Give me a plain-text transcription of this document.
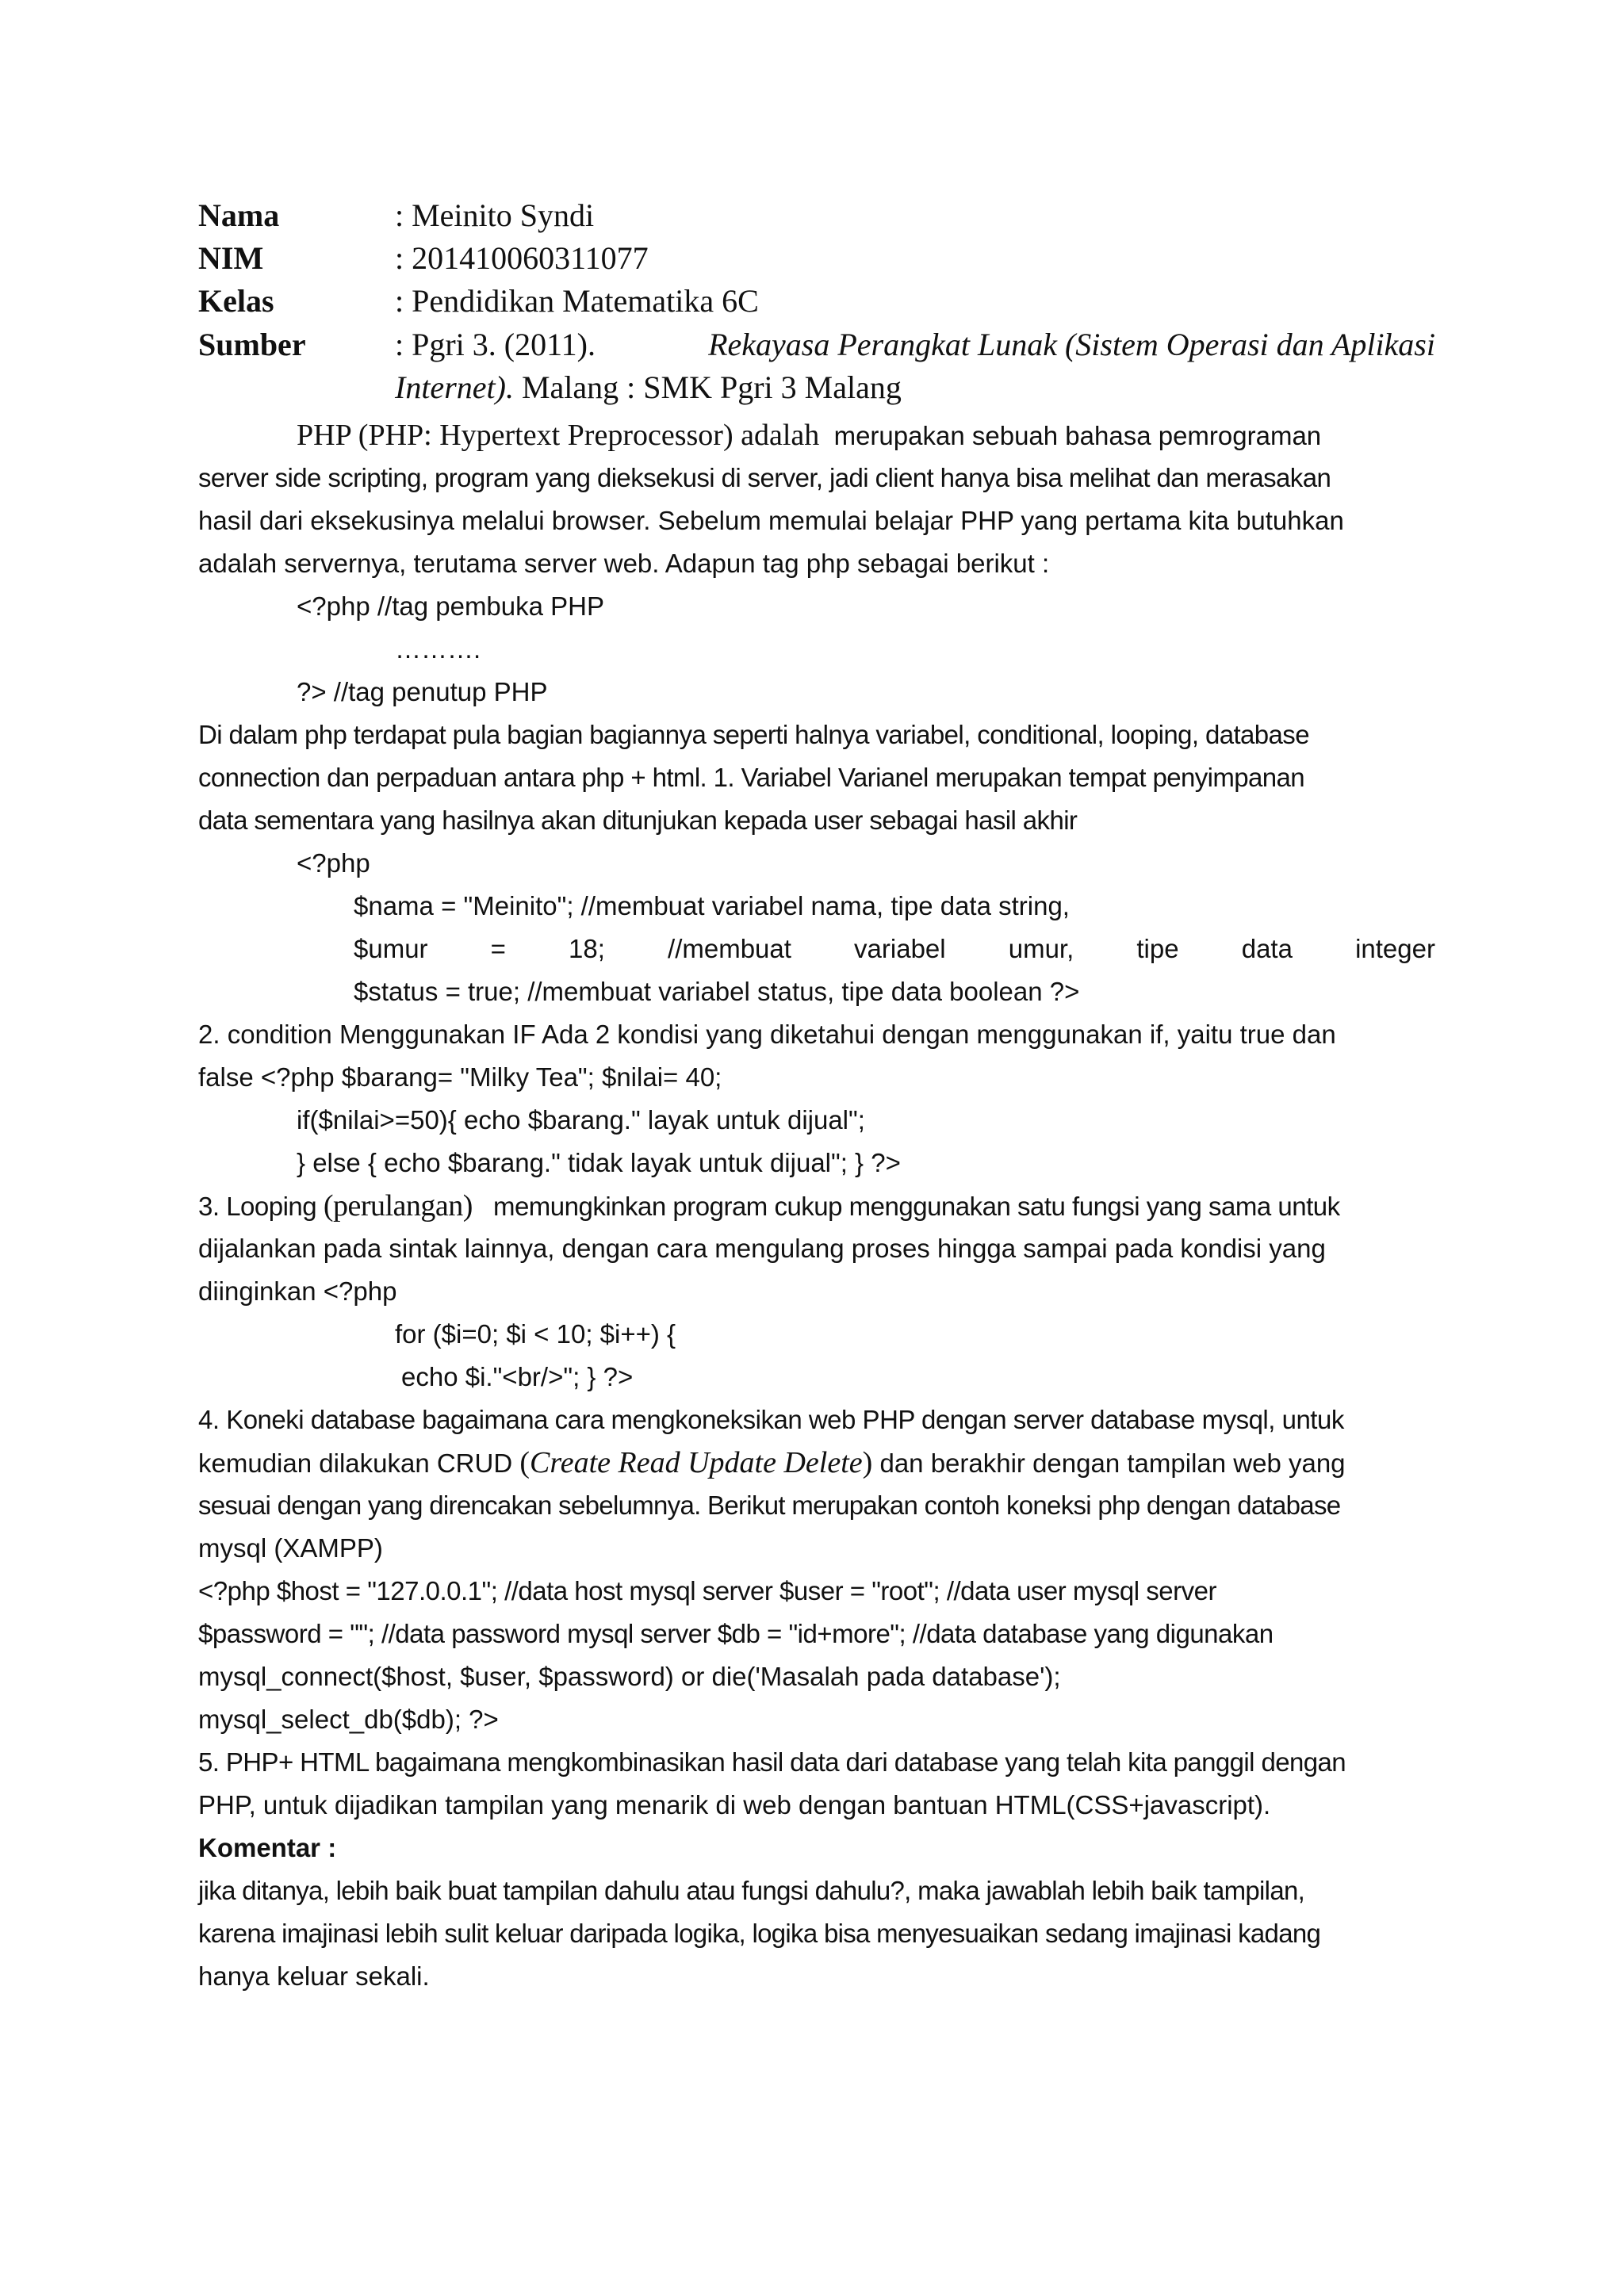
Nama	: Meinito Syndi
NIM	: 201410060311077
Kelas	: Pendidikan Matematika 6C
Sumber	: Pgri 3. (2011).	Rekayasa Perangkat Lunak (Sistem Operasi dan Aplikasi
Internet). Malang : SMK Pgri 3 Malang
PHP (PHP: Hypertext Preprocessor) adalah merupakan sebuah bahasa pemrograman
server side scripting, program yang dieksekusi di server, jadi client hanya bisa melihat dan merasakan
hasil dari eksekusinya melalui browser. Sebelum memulai belajar PHP yang pertama kita butuhkan
adalah servernya, terutama server web. Adapun tag php sebagai berikut :
<?php //tag pembuka PHP
……….
?> //tag penutup PHP
Di dalam php terdapat pula bagian bagiannya seperti halnya variabel, conditional, looping, database
connection dan perpaduan antara php + html. 1. Variabel Varianel merupakan tempat penyimpanan
data sementara yang hasilnya akan ditunjukan kepada user sebagai hasil akhir
<?php
$nama = "Meinito"; //membuat variabel nama, tipe data string,
$umur = 18; //membuat variabel umur, tipe data integer
$status = true; //membuat variabel status, tipe data boolean ?>
2. condition Menggunakan IF Ada 2 kondisi yang diketahui dengan menggunakan if, yaitu true dan
false <?php $barang= "Milky Tea"; $nilai= 40;
if($nilai>=50){ echo $barang." layak untuk dijual";
} else { echo $barang." tidak layak untuk dijual"; } ?>
3. Looping (perulangan) memungkinkan program cukup menggunakan satu fungsi yang sama untuk
dijalankan pada sintak lainnya, dengan cara mengulang proses hingga sampai pada kondisi yang
diinginkan <?php
for ($i=0; $i < 10; $i++) {
echo $i."<br/>"; } ?>
4. Koneki database bagaimana cara mengkoneksikan web PHP dengan server database mysql, untuk
kemudian dilakukan CRUD (Create Read Update Delete) dan berakhir dengan tampilan web yang
sesuai dengan yang direncakan sebelumnya. Berikut merupakan contoh koneksi php dengan database
mysql (XAMPP)
<?php $host = "127.0.0.1"; //data host mysql server $user = "root"; //data user mysql server
$password = ""; //data password mysql server $db = "id+more"; //data database yang digunakan
mysql_connect($host, $user, $password) or die('Masalah pada database');
mysql_select_db($db); ?>
5. PHP+ HTML bagaimana mengkombinasikan hasil data dari database yang telah kita panggil dengan
PHP, untuk dijadikan tampilan yang menarik di web dengan bantuan HTML(CSS+javascript).
Komentar :
jika ditanya, lebih baik buat tampilan dahulu atau fungsi dahulu?, maka jawablah lebih baik tampilan,
karena imajinasi lebih sulit keluar daripada logika, logika bisa menyesuaikan sedang imajinasi kadang
hanya keluar sekali.
